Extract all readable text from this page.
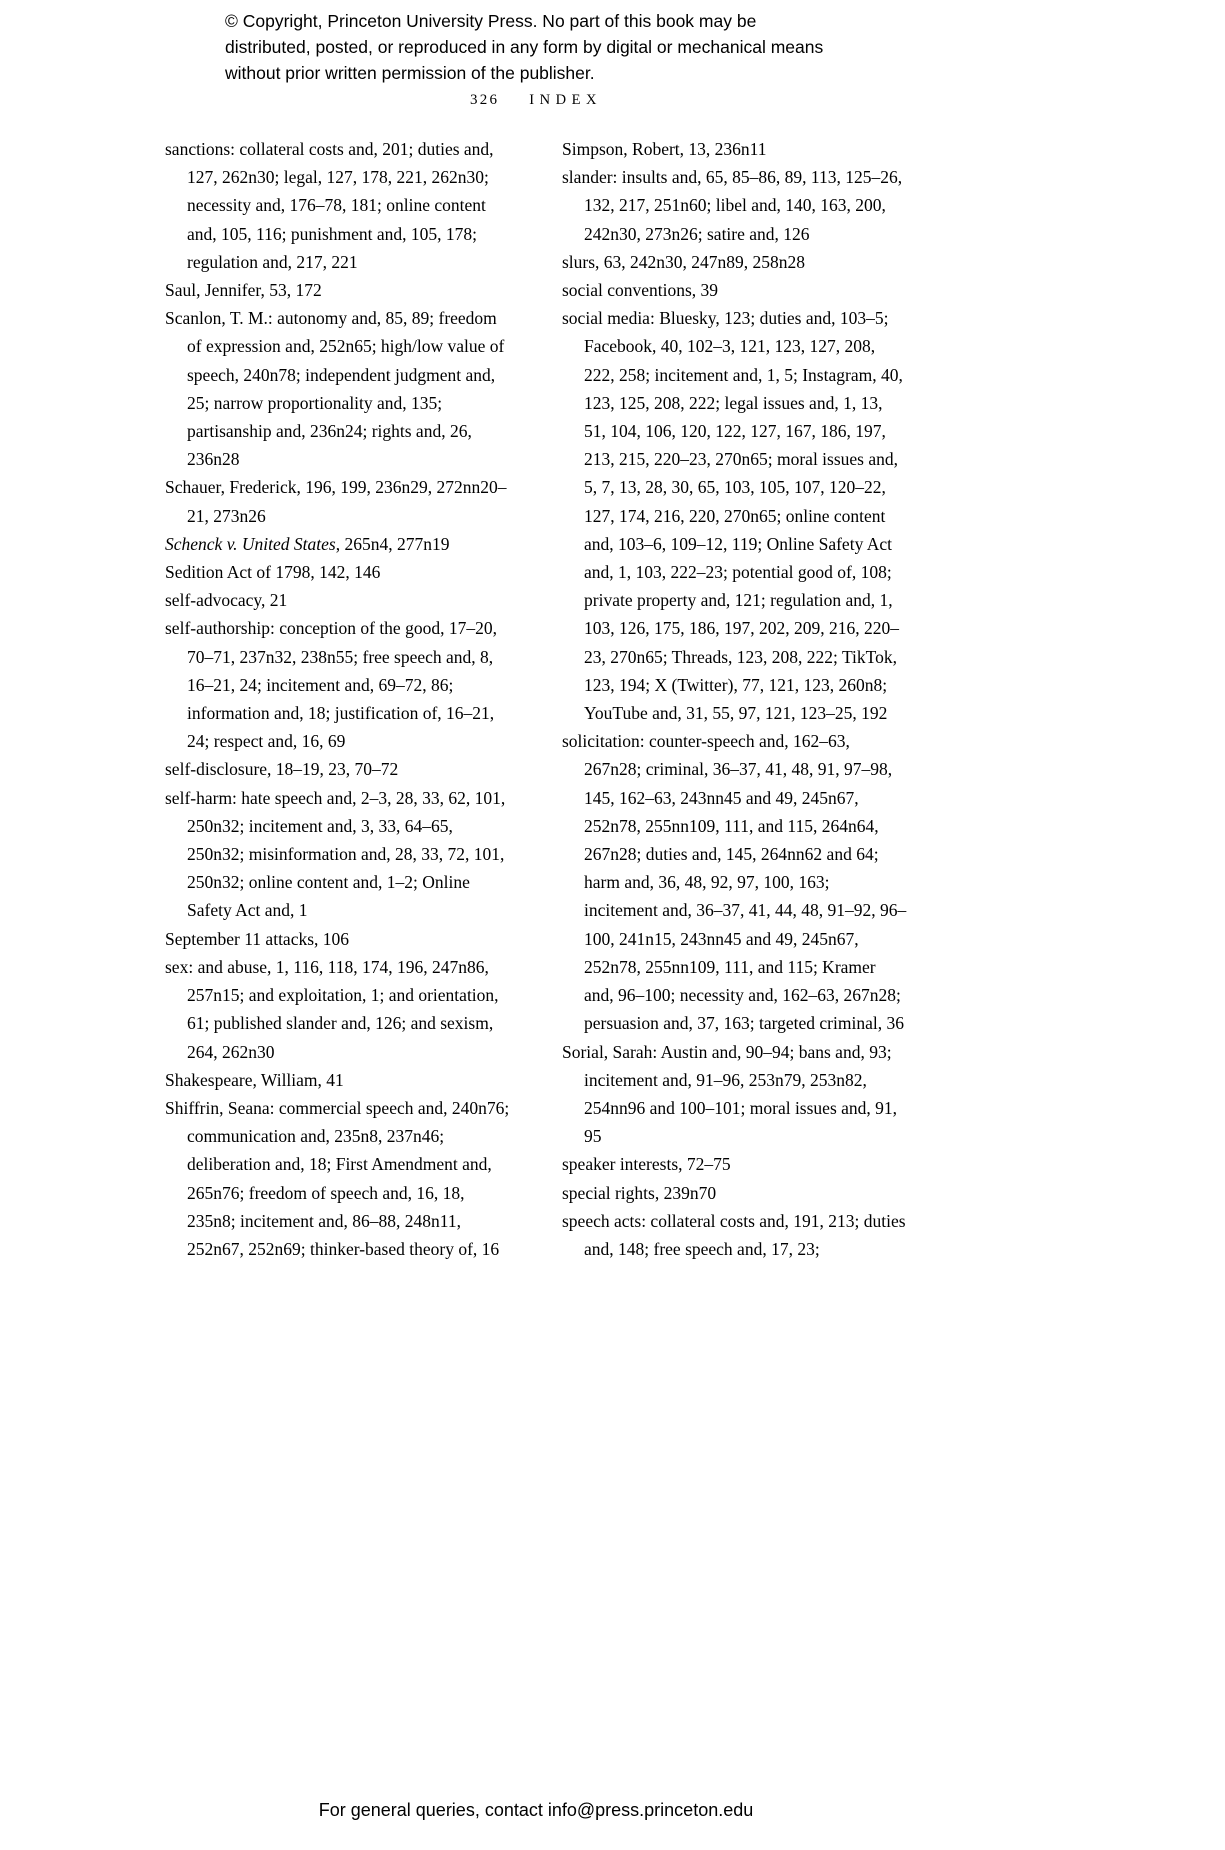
© Copyright, Princeton University Press. No part of this book may be distributed, posted, or reproduced in any form by digital or mechanical means without prior written permission of the publisher.
326 INDEX

sanctions: collateral costs and, 201; duties and, 127, 262n30; legal, 127, 178, 221, 262n30; necessity and, 176–78, 181; online content and, 105, 116; punishment and, 105, 178; regulation and, 217, 221

Saul, Jennifer, 53, 172

Scanlon, T. M.: autonomy and, 85, 89; freedom of expression and, 252n65; high/low value of speech, 240n78; independent judgment and, 25; narrow proportionality and, 135; partisanship and, 236n24; rights and, 26, 236n28

Schauer, Frederick, 196, 199, 236n29, 272nn20–21, 273n26

Schenck v. United States, 265n4, 277n19

Sedition Act of 1798, 142, 146

self-advocacy, 21

self-authorship: conception of the good, 17–20, 70–71, 237n32, 238n55; free speech and, 8, 16–21, 24; incitement and, 69–72, 86; information and, 18; justification of, 16–21, 24; respect and, 16, 69

self-disclosure, 18–19, 23, 70–72

self-harm: hate speech and, 2–3, 28, 33, 62, 101, 250n32; incitement and, 3, 33, 64–65, 250n32; misinformation and, 28, 33, 72, 101, 250n32; online content and, 1–2; Online Safety Act and, 1

September 11 attacks, 106

sex: and abuse, 1, 116, 118, 174, 196, 247n86, 257n15; and exploitation, 1; and orientation, 61; published slander and, 126; and sexism, 264, 262n30

Shakespeare, William, 41

Shiffrin, Seana: commercial speech and, 240n76; communication and, 235n8, 237n46; deliberation and, 18; First Amendment and, 265n76; freedom of speech and, 16, 18, 235n8; incitement and, 86–88, 248n11, 252n67, 252n69; thinker-based theory of, 16

Simpson, Robert, 13, 236n11

slander: insults and, 65, 85–86, 89, 113, 125–26, 132, 217, 251n60; libel and, 140, 163, 200, 242n30, 273n26; satire and, 126

slurs, 63, 242n30, 247n89, 258n28

social conventions, 39

social media: Bluesky, 123; duties and, 103–5; Facebook, 40, 102–3, 121, 123, 127, 208, 222, 258; incitement and, 1, 5; Instagram, 40, 123, 125, 208, 222; legal issues and, 1, 13, 51, 104, 106, 120, 122, 127, 167, 186, 197, 213, 215, 220–23, 270n65; moral issues and, 5, 7, 13, 28, 30, 65, 103, 105, 107, 120–22, 127, 174, 216, 220, 270n65; online content and, 103–6, 109–12, 119; Online Safety Act and, 1, 103, 222–23; potential good of, 108; private property and, 121; regulation and, 1, 103, 126, 175, 186, 197, 202, 209, 216, 220–23, 270n65; Threads, 123, 208, 222; TikTok, 123, 194; X (Twitter), 77, 121, 123, 260n8; YouTube and, 31, 55, 97, 121, 123–25, 192

solicitation: counter-speech and, 162–63, 267n28; criminal, 36–37, 41, 48, 91, 97–98, 145, 162–63, 243nn45 and 49, 245n67, 252n78, 255nn109, 111, and 115, 264n64, 267n28; duties and, 145, 264nn62 and 64; harm and, 36, 48, 92, 97, 100, 163; incitement and, 36–37, 41, 44, 48, 91–92, 96–100, 241n15, 243nn45 and 49, 245n67, 252n78, 255nn109, 111, and 115; Kramer and, 96–100; necessity and, 162–63, 267n28; persuasion and, 37, 163; targeted criminal, 36

Sorial, Sarah: Austin and, 90–94; bans and, 93; incitement and, 91–96, 253n79, 253n82, 254nn96 and 100–101; moral issues and, 91, 95

speaker interests, 72–75

special rights, 239n70

speech acts: collateral costs and, 191, 213; duties and, 148; free speech and, 17, 23;

For general queries, contact info@press.princeton.edu
